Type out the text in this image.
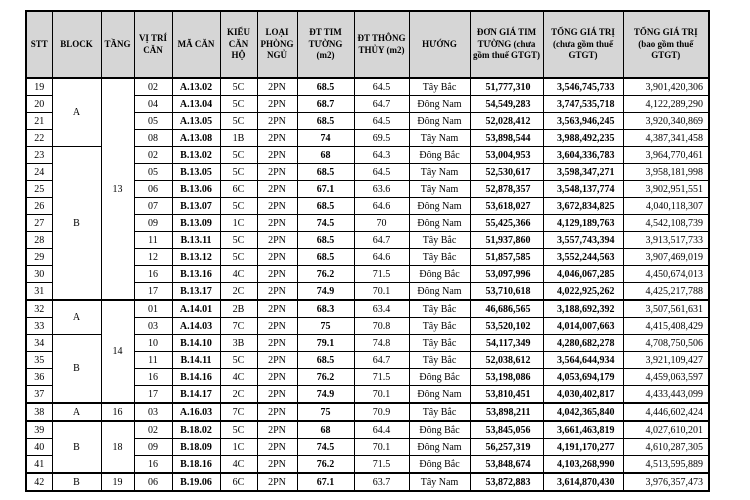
STT	BLOCK	TẦNG	VỊ TRÍ CĂN	MÃ CĂN	KIỂU CĂN HỘ	LOẠI PHÒNG NGỦ	ĐT TIM TƯỜNG (m2)	ĐT THÔNG THỦY (m2)	HƯỚNG	ĐƠN GIÁ TIM TƯỜNG (chưa gồm thuế GTGT)	TỔNG GIÁ TRỊ (chưa gồm thuế GTGT)	TỔNG GIÁ TRỊ (bao gồm thuế GTGT)
19	A	13	02	A.13.02	5C	2PN	68.5	64.5	Tây Bắc	51,777,310	3,546,745,733	3,901,420,306
20			04	A.13.04	5C	2PN	68.7	64.7	Đông Nam	54,549,283	3,747,535,718	4,122,289,290
21			05	A.13.05	5C	2PN	68.5	64.5	Đông Nam	52,028,412	3,563,946,245	3,920,340,869
22			08	A.13.08	1B	2PN	74	69.5	Tây Nam	53,898,544	3,988,492,235	4,387,341,458
23	B		02	B.13.02	5C	2PN	68	64.3	Đông Bắc	53,004,953	3,604,336,783	3,964,770,461
24			05	B.13.05	5C	2PN	68.5	64.5	Tây Nam	52,530,617	3,598,347,271	3,958,181,998
25			06	B.13.06	6C	2PN	67.1	63.6	Tây Nam	52,878,357	3,548,137,774	3,902,951,551
26			07	B.13.07	5C	2PN	68.5	64.6	Đông Nam	53,618,027	3,672,834,825	4,040,118,307
27			09	B.13.09	1C	2PN	74.5	70	Đông Nam	55,425,366	4,129,189,763	4,542,108,739
28			11	B.13.11	5C	2PN	68.5	64.7	Tây Bắc	51,937,860	3,557,743,394	3,913,517,733
29			12	B.13.12	5C	2PN	68.5	64.6	Tây Bắc	51,857,585	3,552,244,563	3,907,469,019
30			16	B.13.16	4C	2PN	76.2	71.5	Đông Bắc	53,097,996	4,046,067,285	4,450,674,013
31			17	B.13.17	2C	2PN	74.9	70.1	Đông Nam	53,710,618	4,022,925,262	4,425,217,788
32	A	14	01	A.14.01	2B	2PN	68.3	63.4	Tây Bắc	46,686,565	3,188,692,392	3,507,561,631
33			03	A.14.03	7C	2PN	75	70.8	Tây Bắc	53,520,102	4,014,007,663	4,415,408,429
34	B		10	B.14.10	3B	2PN	79.1	74.8	Tây Bắc	54,117,349	4,280,682,278	4,708,750,506
35			11	B.14.11	5C	2PN	68.5	64.7	Tây Bắc	52,038,612	3,564,644,934	3,921,109,427
36			16	B.14.16	4C	2PN	76.2	71.5	Đông Bắc	53,198,086	4,053,694,179	4,459,063,597
37			17	B.14.17	2C	2PN	74.9	70.1	Đông Nam	53,810,451	4,030,402,817	4,433,443,099
38	A	16	03	A.16.03	7C	2PN	75	70.9	Tây Bắc	53,898,211	4,042,365,840	4,446,602,424
39	B	18	02	B.18.02	5C	2PN	68	64.4	Đông Bắc	53,845,056	3,661,463,819	4,027,610,201
40			09	B.18.09	1C	2PN	74.5	70.1	Đông Nam	56,257,319	4,191,170,277	4,610,287,305
41			16	B.18.16	4C	2PN	76.2	71.5	Đông Bắc	53,848,674	4,103,268,990	4,513,595,889
42	B	19	06	B.19.06	6C	2PN	67.1	63.7	Tây Nam	53,872,883	3,614,870,430	3,976,357,473
